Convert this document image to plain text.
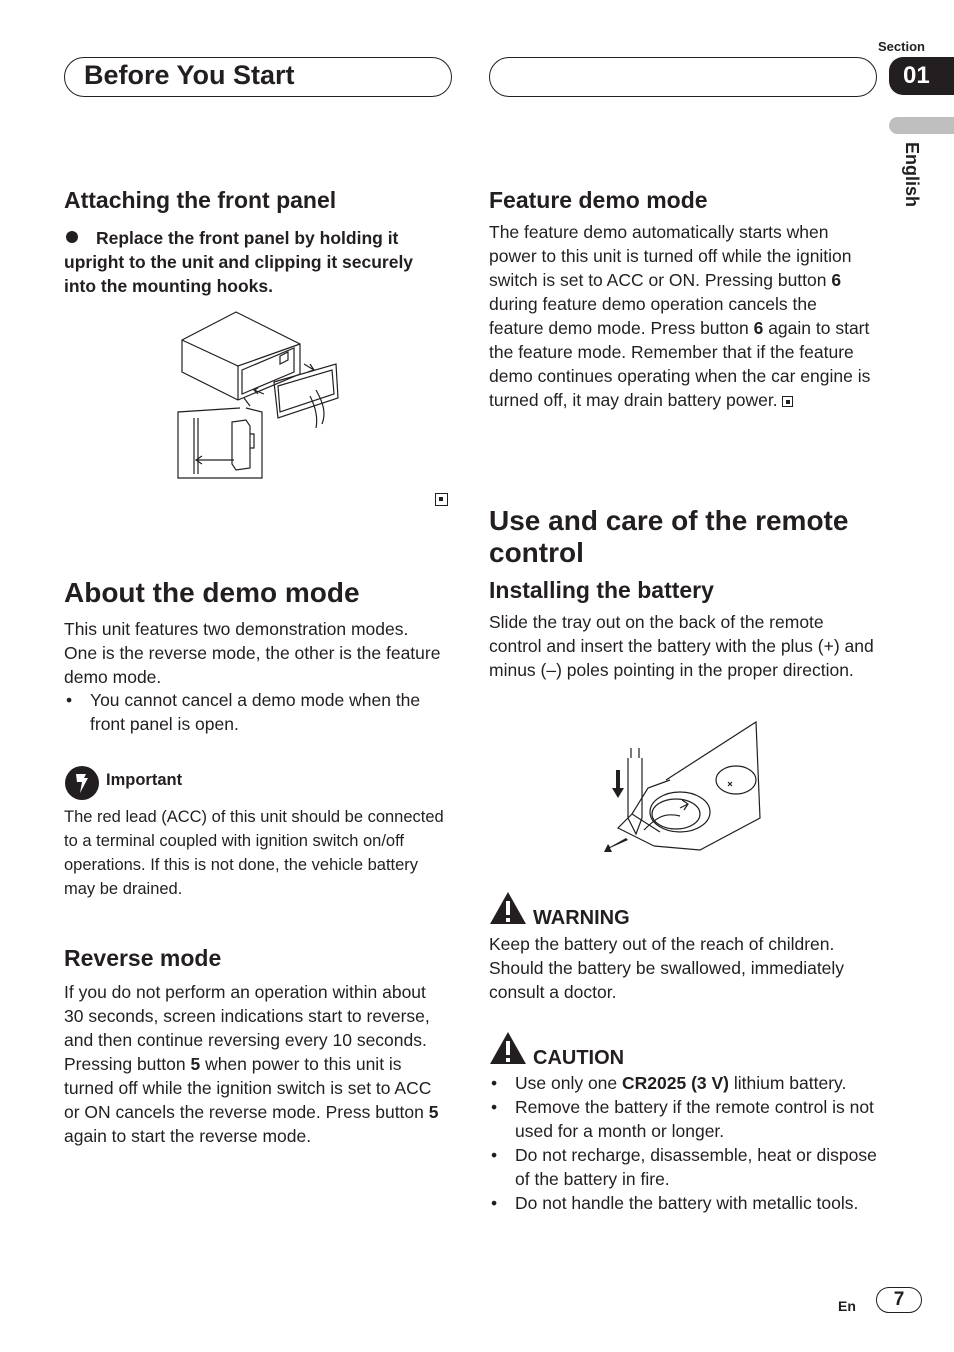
Before You Start
Section
01
English
Attaching the front panel
Replace the front panel by holding it upright to the unit and clipping it securely into the mounting hooks.
About the demo mode
This unit features two demonstration modes. One is the reverse mode, the other is the feature demo mode.
• You cannot cancel a demo mode when the front panel is open.
Important
The red lead (ACC) of this unit should be connected to a terminal coupled with ignition switch on/off operations. If this is not done, the vehicle battery may be drained.
Reverse mode
If you do not perform an operation within about 30 seconds, screen indications start to reverse, and then continue reversing every 10 seconds. Pressing button 5 when power to this unit is turned off while the ignition switch is set to ACC or ON cancels the reverse mode. Press button 5 again to start the reverse mode.
Feature demo mode
The feature demo automatically starts when power to this unit is turned off while the ignition switch is set to ACC or ON. Pressing button 6 during feature demo operation cancels the feature demo mode. Press button 6 again to start the feature mode. Remember that if the feature demo continues operating when the car engine is turned off, it may drain battery power.
Use and care of the remote control
Installing the battery
Slide the tray out on the back of the remote control and insert the battery with the plus (+) and minus (–) poles pointing in the proper direction.
WARNING
Keep the battery out of the reach of children. Should the battery be swallowed, immediately consult a doctor.
CAUTION
• Use only one CR2025 (3 V) lithium battery.
• Remove the battery if the remote control is not used for a month or longer.
• Do not recharge, disassemble, heat or dispose of the battery in fire.
• Do not handle the battery with metallic tools.
En	7
